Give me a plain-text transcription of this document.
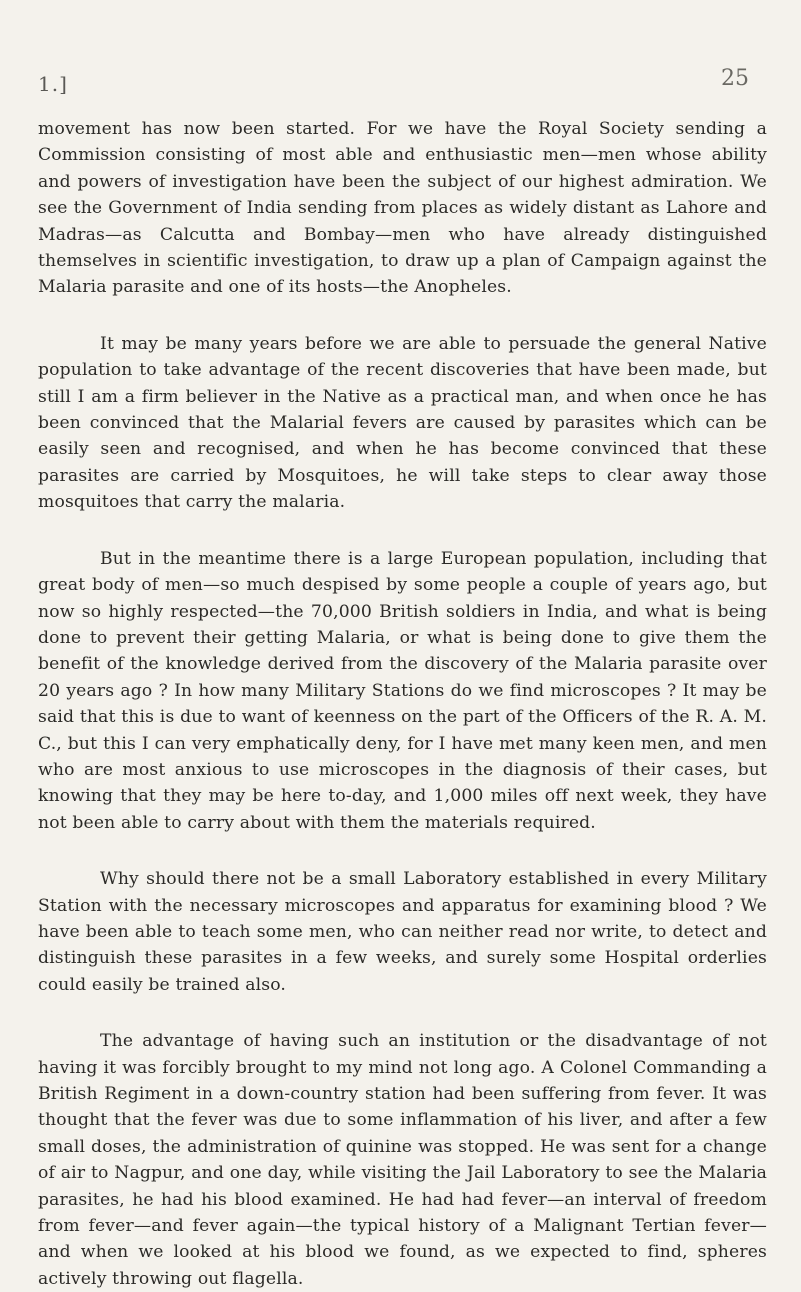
1.]	25

movement has now been started. For we have the Royal Society sending a Commission consisting of most able and enthusiastic men—men whose ability and powers of investigation have been the subject of our highest admiration. We see the Government of India sending from places as widely distant as Lahore and Madras—as Calcutta and Bombay—men who have already distinguished themselves in scientific investigation, to draw up a plan of Campaign against the Malaria parasite and one of its hosts—the Anopheles.

It may be many years before we are able to persuade the general Native population to take advantage of the recent discoveries that have been made, but still I am a firm believer in the Native as a practical man, and when once he has been convinced that the Malarial fevers are caused by parasites which can be easily seen and recognised, and when he has become convinced that these parasites are carried by Mosquitoes, he will take steps to clear away those mosquitoes that carry the malaria.

But in the meantime there is a large European population, including that great body of men—so much despised by some people a couple of years ago, but now so highly respected—the 70,000 British soldiers in India, and what is being done to prevent their getting Malaria, or what is being done to give them the benefit of the knowledge derived from the discovery of the Malaria parasite over 20 years ago ? In how many Military Stations do we find microscopes ? It may be said that this is due to want of keenness on the part of the Officers of the R. A. M. C., but this I can very emphatically deny, for I have met many keen men, and men who are most anxious to use microscopes in the diagnosis of their cases, but knowing that they may be here to-day, and 1,000 miles off next week, they have not been able to carry about with them the materials required.

Why should there not be a small Laboratory established in every Military Station with the necessary microscopes and apparatus for examining blood ? We have been able to teach some men, who can neither read nor write, to detect and distinguish these parasites in a few weeks, and surely some Hospital orderlies could easily be trained also.

The advantage of having such an institution or the disadvantage of not having it was forcibly brought to my mind not long ago. A Colonel Commanding a British Regiment in a down-country station had been suffering from fever. It was thought that the fever was due to some inflammation of his liver, and after a few small doses, the administration of quinine was stopped. He was sent for a change of air to Nagpur, and one day, while visiting the Jail Laboratory to see the Malaria parasites, he had his blood examined. He had had fever—an interval of freedom from fever—and fever again—the typical history of a Malignant Tertian fever—and when we looked at his blood we found, as we expected to find, spheres actively throwing out flagella.
